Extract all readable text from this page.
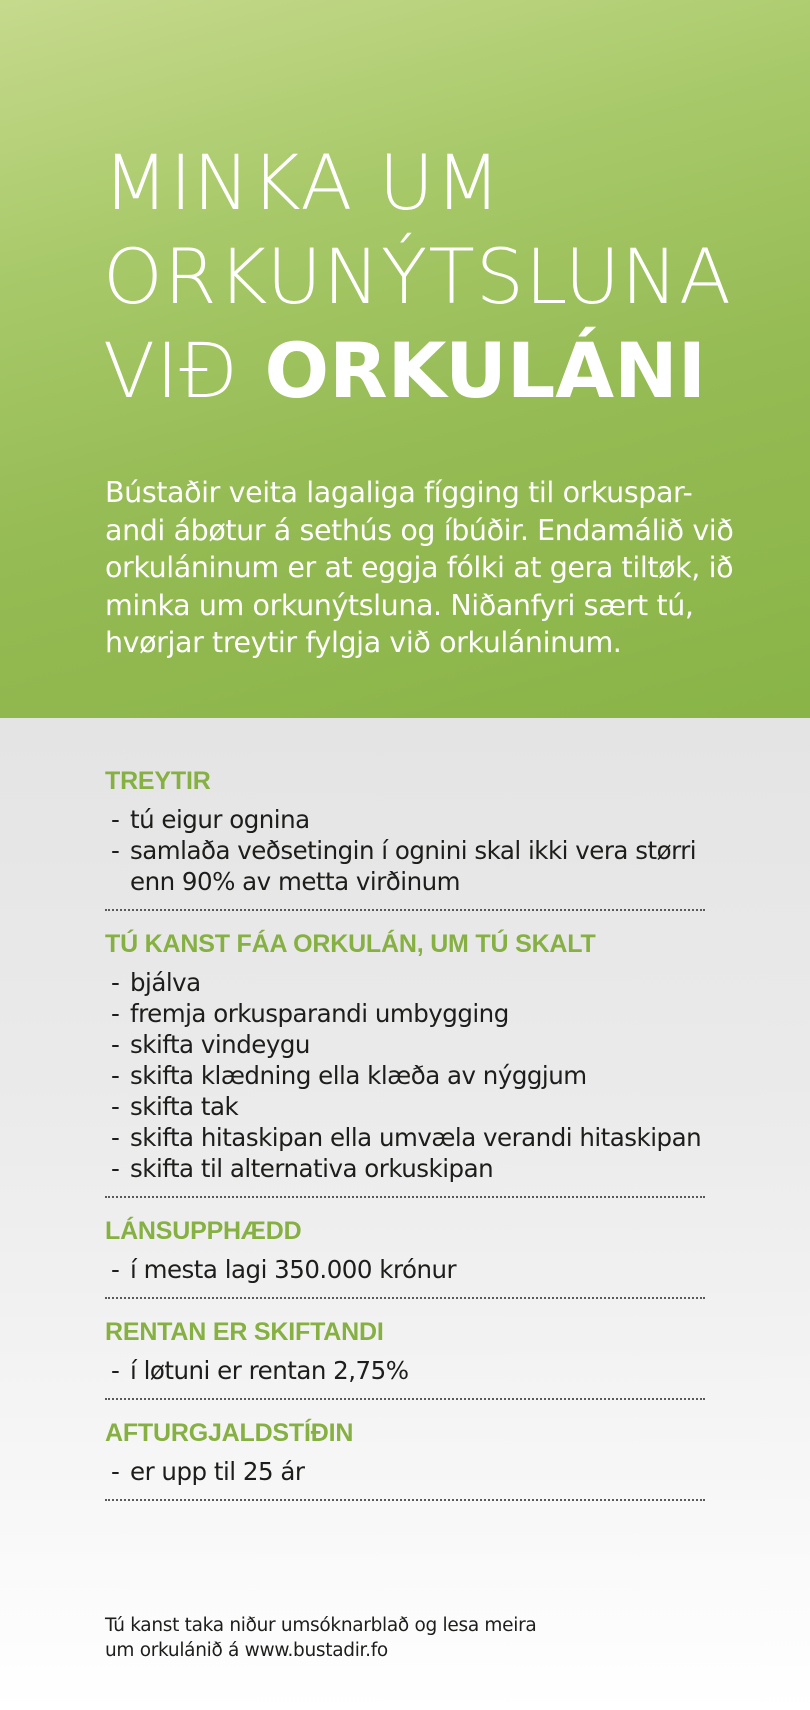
MINKA UM
ORKUNÝTSLUNA
VIÐ ORKULÁNI

Bústaðir veita lagaliga fígging til orkuspar-andi ábøtur á sethús og íbúðir. Endamálið við orkuláninum er at eggja fólki at gera tiltøk, ið minka um orkunýtsluna. Niðanfyri sært tú, hvørjar treytir fylgja við orkuláninum.

TREYTIR
- tú eigur ognina
- samlaða veðsetingin í ognini skal ikki vera størri enn 90% av metta virðinum
TÚ KANST FÁA ORKULÁN, UM TÚ SKALT
- bjálva
- fremja orkusparandi umbygging
- skifta vindeygu
- skifta klædning ella klæða av nýggjum
- skifta tak
- skifta hitaskipan ella umvæla verandi hitaskipan
- skifta til alternativa orkuskipan
LÁNSUPPHÆDD
- í mesta lagi 350.000 krónur
RENTAN ER SKIFTANDI
- í løtuni er rentan 2,75%
AFTURGJALDSTÍÐIN
- er upp til 25 ár

Tú kanst taka niður umsóknarblað og lesa meira
um orkulánið á www.bustadir.fo
